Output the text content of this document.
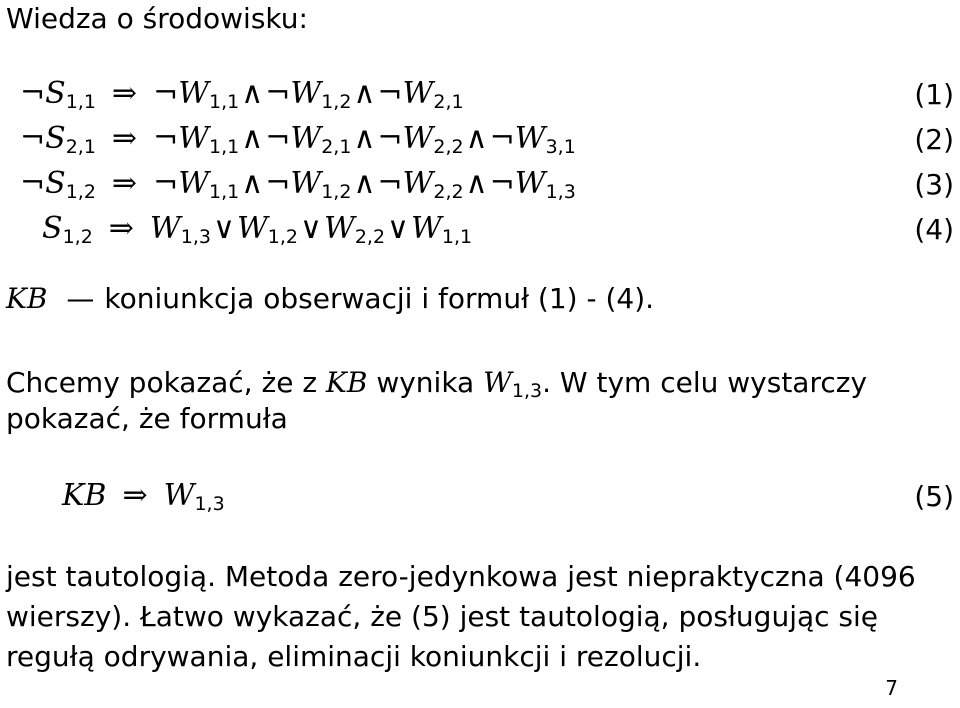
Wiedza o środowisku:
$\neg S_{1,1}$ ⇒ $\neg W_{1,1}\wedge\neg W_{1,2}\wedge\neg W_{2,1}$	(1)
$\neg S_{2,1}$ ⇒ $\neg W_{1,1}\wedge\neg W_{2,1}\wedge\neg W_{2,2}\wedge\neg W_{3,1}$	(2)
$\neg S_{1,2}$ ⇒ $\neg W_{1,1}\wedge\neg W_{1,2}\wedge\neg W_{2,2}\wedge\neg W_{1,3}$	(3)
$S_{1,2}$ ⇒ $W_{1,3}\vee W_{1,2}\vee W_{2,2}\vee W_{1,1}$	(4)
KB — koniunkcja obserwacji i formuł (1) - (4).
Chcemy pokazać, że z KB wynika $W_{1,3}$. W tym celu wystarczy
pokazać, że formuła
KB ⇒ $W_{1,3}$	(5)
jest tautologią. Metoda zero-jedynkowa jest niepraktyczna (4096
wierszy). Łatwo wykazać, że (5) jest tautologią, posługując się
regułą odrywania, eliminacji koniunkcji i rezolucji.
7
